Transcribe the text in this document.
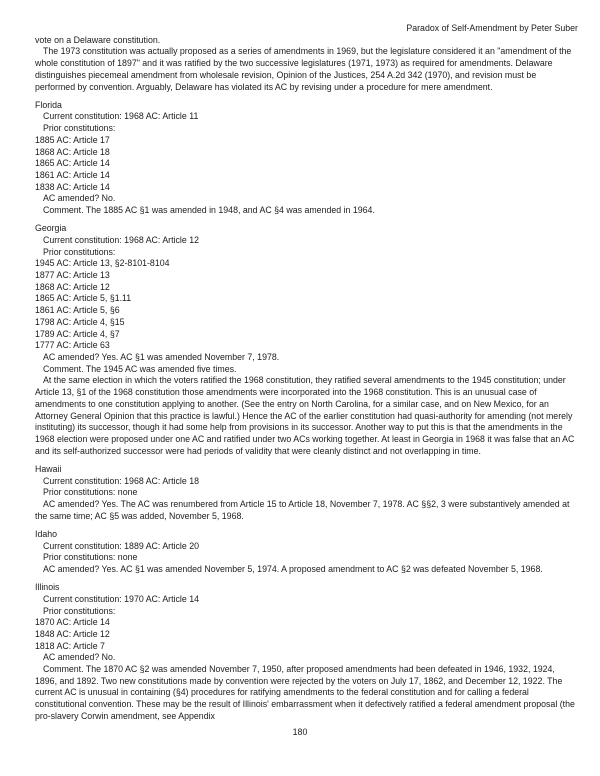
Paradox of Self-Amendment by Peter Suber

vote on a Delaware constitution.

The 1973 constitution was actually proposed as a series of amendments in 1969, but the legislature considered it an "amendment of the whole constitution of 1897" and it was ratified by the two successive legislatures (1971, 1973) as required for amendments. Delaware distinguishes piecemeal amendment from wholesale revision, Opinion of the Justices, 254 A.2d 342 (1970), and revision must be performed by convention. Arguably, Delaware has violated its AC by revising under a procedure for mere amendment.

Florida

Current constitution: 1968 AC: Article 11

Prior constitutions:

1885 AC: Article 17

1868 AC: Article 18

1865 AC: Article 14

1861 AC: Article 14

1838 AC: Article 14

AC amended? No.

Comment. The 1885 AC §1 was amended in 1948, and AC §4 was amended in 1964.

Georgia

Current constitution: 1968 AC: Article 12

Prior constitutions:

1945 AC: Article 13, §2-8101-8104

1877 AC: Article 13

1868 AC: Article 12

1865 AC: Article 5, §1.11

1861 AC: Article 5, §6

1798 AC: Article 4, §15

1789 AC: Article 4, §7

1777 AC: Article 63

AC amended? Yes. AC §1 was amended November 7, 1978.

Comment. The 1945 AC was amended five times.

At the same election in which the voters ratified the 1968 constitution, they ratified several amendments to the 1945 constitution; under Article 13, §1 of the 1968 constitution those amendments were incorporated into the 1968 constitution. This is an unusual case of amendments to one constitution applying to another. (See the entry on North Carolina, for a similar case, and on New Mexico, for an Attorney General Opinion that this practice is lawful.) Hence the AC of the earlier constitution had quasi-authority for amending (not merely instituting) its successor, though it had some help from provisions in its successor. Another way to put this is that the amendments in the 1968 election were proposed under one AC and ratified under two ACs working together. At least in Georgia in 1968 it was false that an AC and its self-authorized successor were had periods of validity that were cleanly distinct and not overlapping in time.

Hawaii

Current constitution: 1968 AC: Article 18

Prior constitutions: none

AC amended? Yes. The AC was renumbered from Article 15 to Article 18, November 7, 1978. AC §§2, 3 were substantively amended at the same time; AC §5 was added, November 5, 1968.

Idaho

Current constitution: 1889 AC: Article 20

Prior constitutions: none

AC amended? Yes. AC §1 was amended November 5, 1974. A proposed amendment to AC §2 was defeated November 5, 1968.

Illinois

Current constitution: 1970 AC: Article 14

Prior constitutions:

1870 AC: Article 14

1848 AC: Article 12

1818 AC: Article 7

AC amended? No.

Comment. The 1870 AC §2 was amended November 7, 1950, after proposed amendments had been defeated in 1946, 1932, 1924, 1896, and 1892. Two new constitutions made by convention were rejected by the voters on July 17, 1862, and December 12, 1922. The current AC is unusual in containing (§4) procedures for ratifying amendments to the federal constitution and for calling a federal constitutional convention. These may be the result of Illinois' embarrassment when it defectively ratified a federal amendment proposal (the pro-slavery Corwin amendment, see Appendix

180
